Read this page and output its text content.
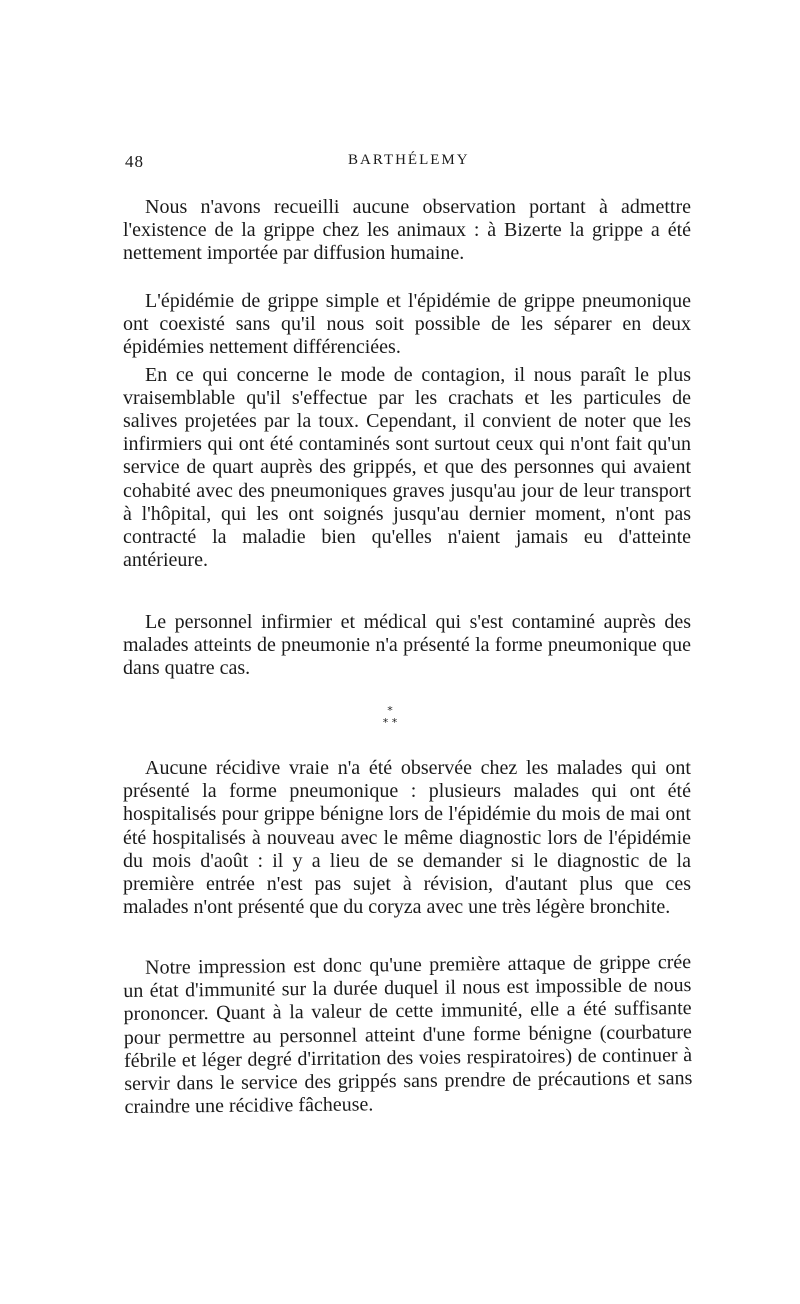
48	BARTHÉLEMY

Nous n'avons recueilli aucune observation portant à admettre l'existence de la grippe chez les animaux : à Bizerte la grippe a été nettement importée par diffusion humaine.

L'épidémie de grippe simple et l'épidémie de grippe pneumonique ont coexisté sans qu'il nous soit possible de les séparer en deux épidémies nettement différenciées.

En ce qui concerne le mode de contagion, il nous paraît le plus vraisemblable qu'il s'effectue par les crachats et les particules de salives projetées par la toux. Cependant, il convient de noter que les infirmiers qui ont été contaminés sont surtout ceux qui n'ont fait qu'un service de quart auprès des grippés, et que des personnes qui avaient cohabité avec des pneumoniques graves jusqu'au jour de leur transport à l'hôpital, qui les ont soignés jusqu'au dernier moment, n'ont pas contracté la maladie bien qu'elles n'aient jamais eu d'atteinte antérieure.

Le personnel infirmier et médical qui s'est contaminé auprès des malades atteints de pneumonie n'a présenté la forme pneumonique que dans quatre cas.

*
* *

Aucune récidive vraie n'a été observée chez les malades qui ont présenté la forme pneumonique : plusieurs malades qui ont été hospitalisés pour grippe bénigne lors de l'épidémie du mois de mai ont été hospitalisés à nouveau avec le même diagnostic lors de l'épidémie du mois d'août : il y a lieu de se demander si le diagnostic de la première entrée n'est pas sujet à révision, d'autant plus que ces malades n'ont présenté que du coryza avec une très légère bronchite.

Notre impression est donc qu'une première attaque de grippe crée un état d'immunité sur la durée duquel il nous est impossible de nous prononcer. Quant à la valeur de cette immunité, elle a été suffisante pour permettre au personnel atteint d'une forme bénigne (courbature fébrile et léger degré d'irritation des voies respiratoires) de continuer à servir dans le service des grippés sans prendre de précautions et sans craindre une récidive fâcheuse.
